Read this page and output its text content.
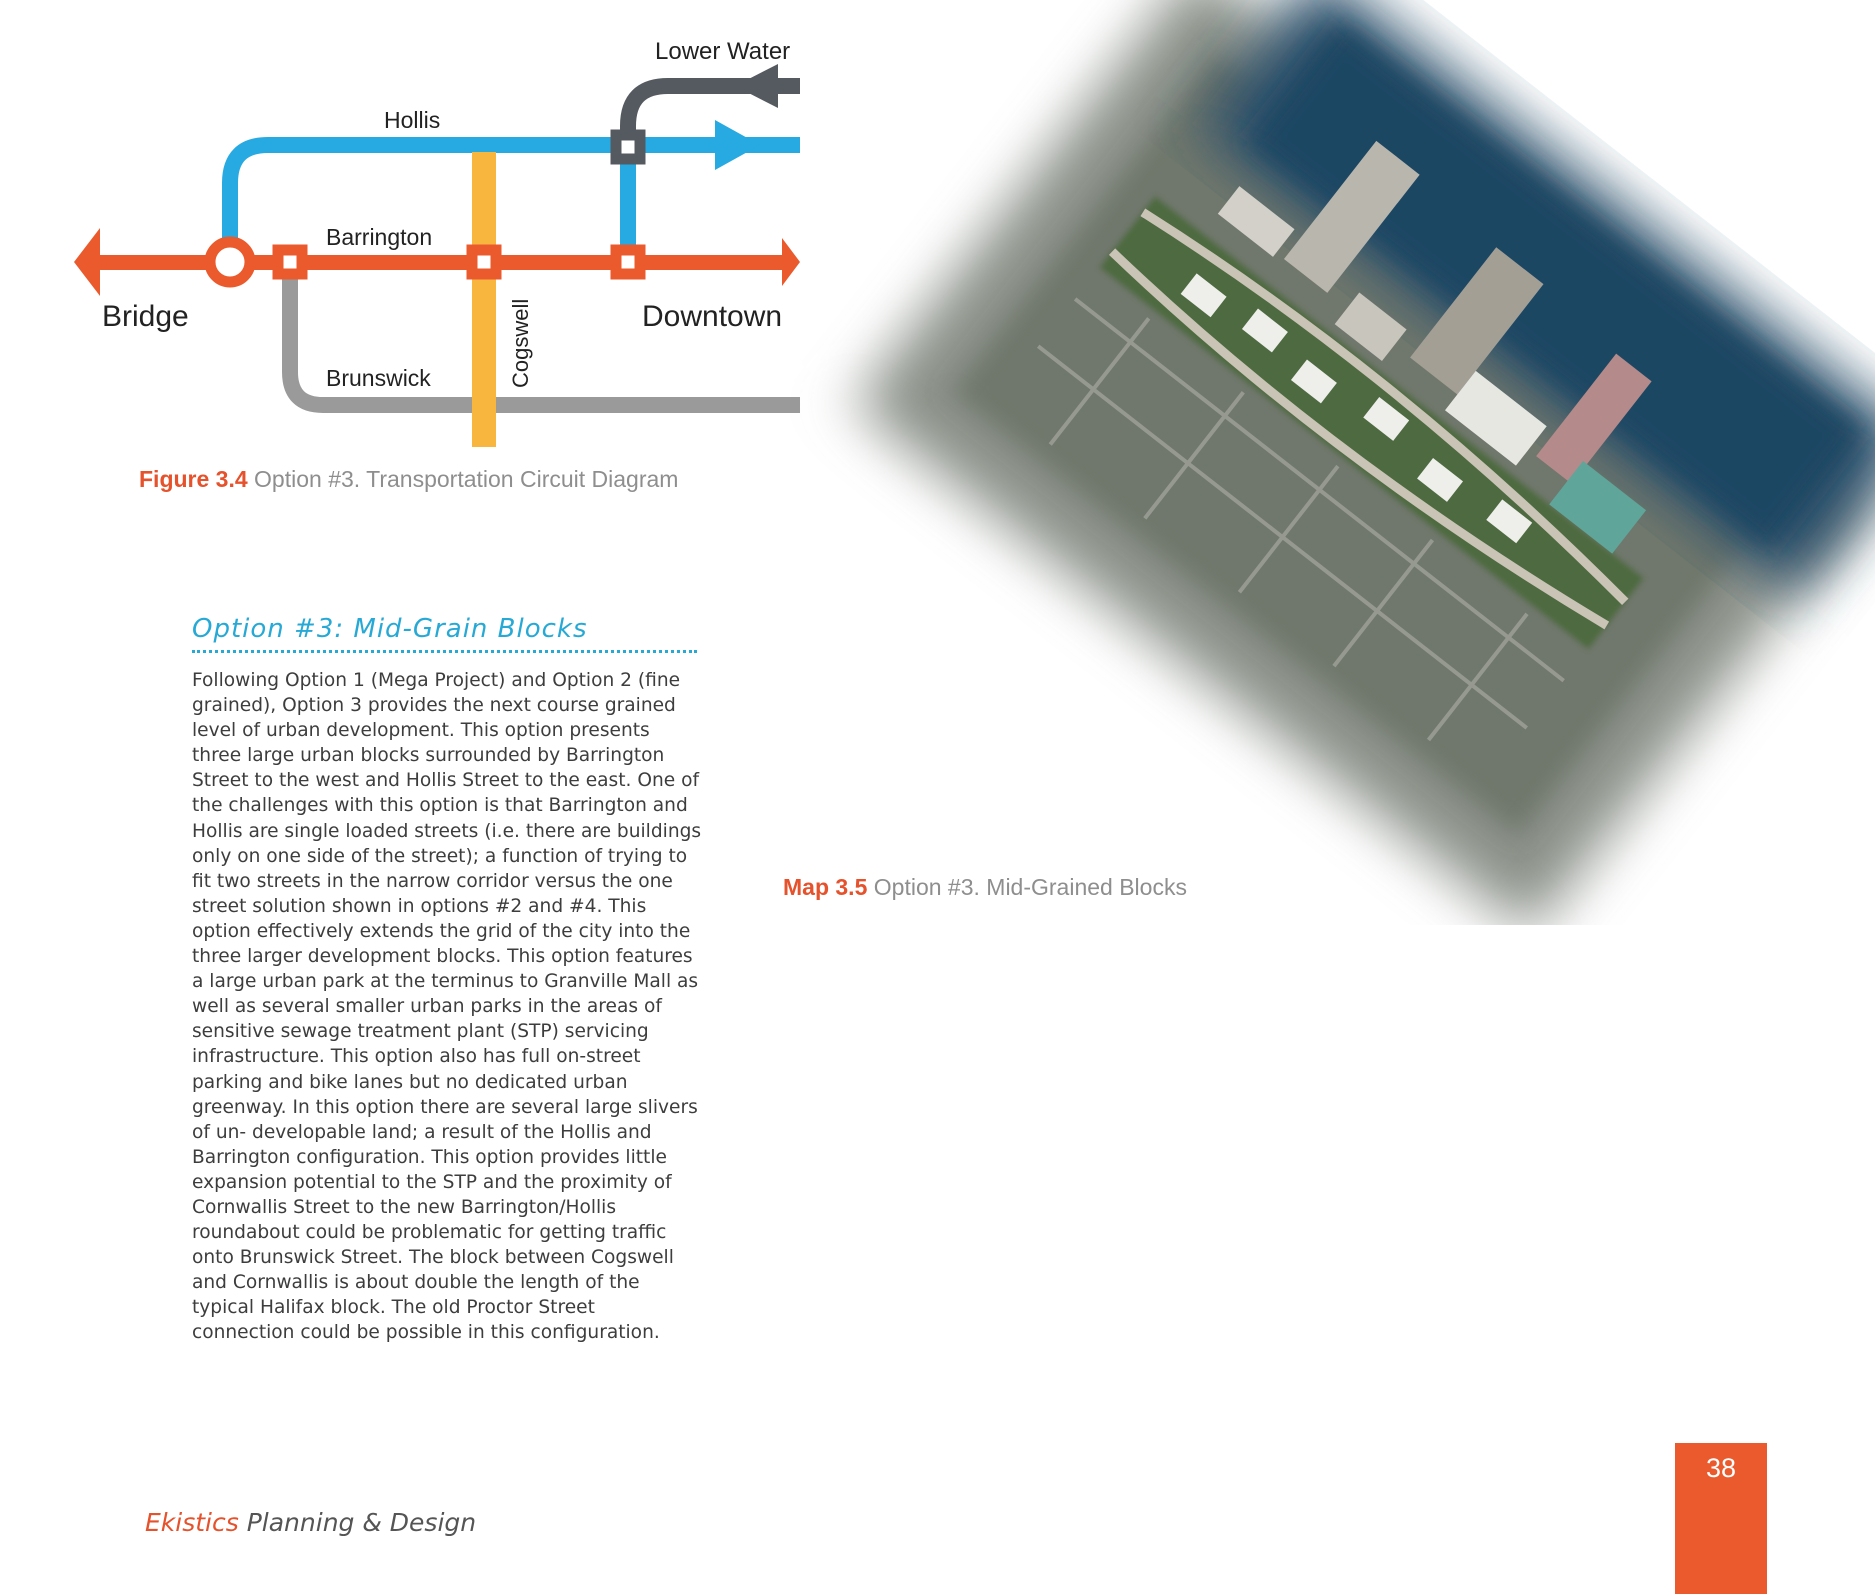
Lower Water
Hollis
Barrington
Bridge	Downtown
Brunswick	Cogswell
Figure 3.4 Option #3. Transportation Circuit Diagram
Map 3.5 Option #3. Mid-Grained Blocks
Option #3: Mid-Grain Blocks

Following Option 1 (Mega Project) and Option 2 (fine grained), Option 3 provides the next course grained level of urban development. This option presents three large urban blocks surrounded by Barrington Street to the west and Hollis Street to the east. One of the challenges with this option is that Barrington and Hollis are single loaded streets (i.e. there are buildings only on one side of the street); a function of trying to fit two streets in the narrow corridor versus the one street solution shown in options #2 and #4. This option effectively extends the grid of the city into the three larger development blocks. This option features a large urban park at the terminus to Granville Mall as well as several smaller urban parks in the areas of sensitive sewage treatment plant (STP) servicing infrastructure. This option also has full on-street parking and bike lanes but no dedicated urban greenway. In this option there are several large slivers of un- developable land; a result of the Hollis and Barrington configuration. This option provides little expansion potential to the STP and the proximity of Cornwallis Street to the new Barrington/Hollis roundabout could be problematic for getting traffic onto Brunswick Street. The block between Cogswell and Cornwallis is about double the length of the typical Halifax block. The old Proctor Street connection could be possible in this configuration.

Ekistics Planning & Design
38
